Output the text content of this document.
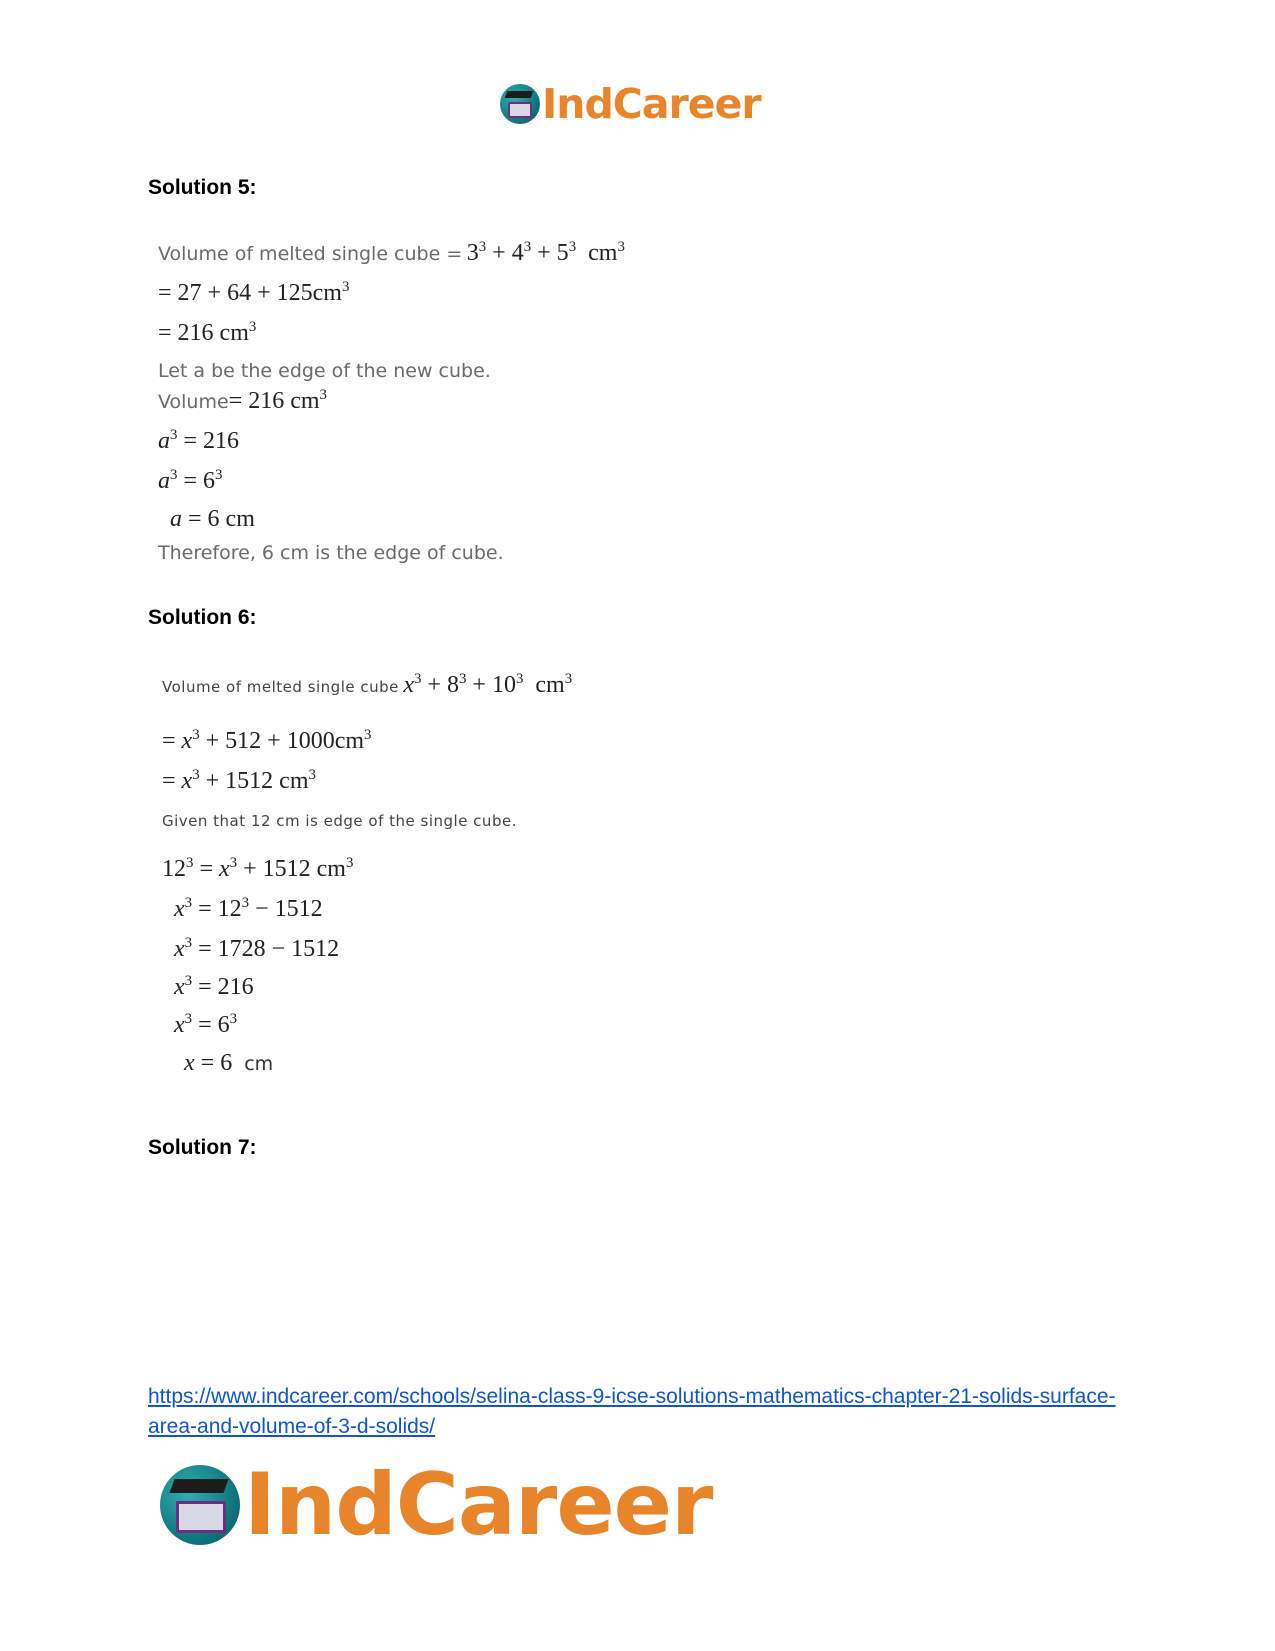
IndCareer
Solution 5:
Volume of melted single cube = $3^3 + 4^3 + 5^3$  $cm^3$
= $27 + 64 + 125cm^3$
= 216 $cm^3$
Let a be the edge of the new cube.
Volume= 216 $cm^3$
$a^3 = 216$
$a^3 = 6^3$
a = 6 cm
Therefore, 6 cm is the edge of cube.
Solution 6:
Volume of melted single cube $x^3 + 8^3 + 10^3$  $cm^3$
= $x^3 + 512 + 1000cm^3$
= $x^3 + 1512$ $cm^3$
Given that 12 cm is edge of the single cube.
$12^3 = x^3 + 1512$ $cm^3$
$x^3 = 12^3 - 1512$
$x^3 = 1728 - 1512$
$x^3 = 216$
$x^3 = 6^3$
x = 6 cm
Solution 7:
https://www.indcareer.com/schools/selina-class-9-icse-solutions-mathematics-chapter-21-solids-surface-area-and-volume-of-3-d-solids/
IndCareer
